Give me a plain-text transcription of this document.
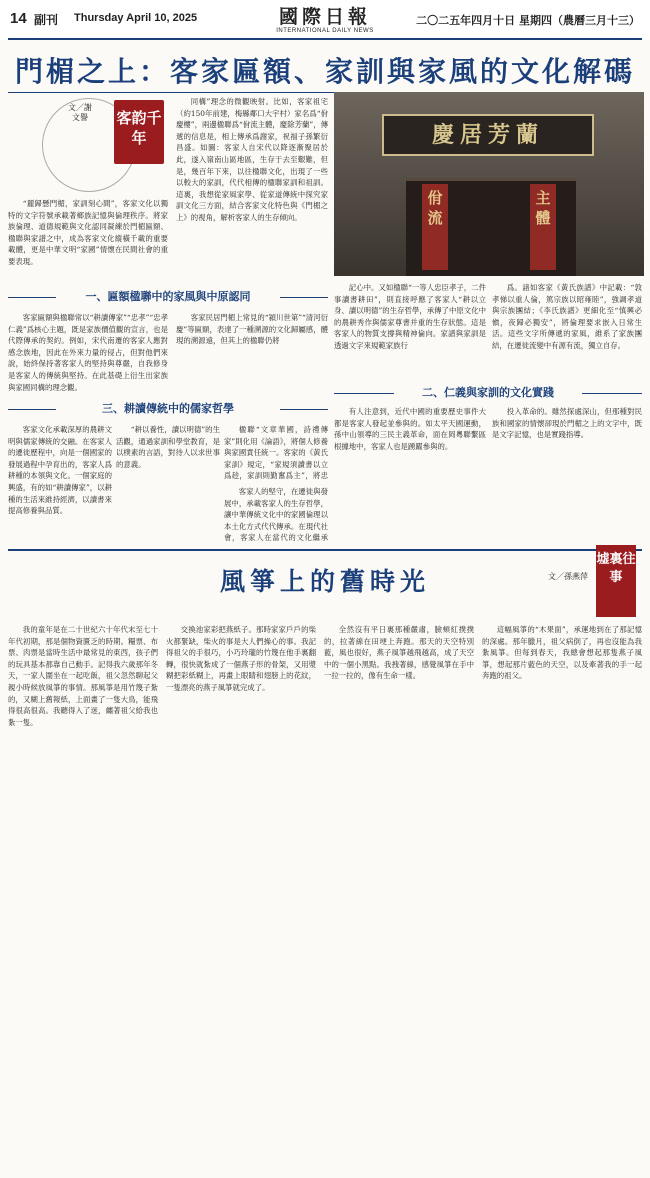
14 副刊 Thursday April 10, 2025	國際日報
INTERNATIONAL DAILY NEWS
二〇二五年四月十日 星期四（農曆三月十三）
門楣之上：客家匾額、家訓與家風的文化解碼
文／謝文譽 客韵千年

“麗歸懸門楣，家訓刻心間”，客家文化以獨特的文字符號承載著鄉族記憶與倫理秩序。將家族倫理、道德規範與文化認同凝練於門楣匾額、楹聯與家譜之中，成為客家文化縱橫千載的重要載體，更是中華文明“家國”情懷在民間社會的重要表現。

同構”理念的微觀映射。比如，客家祖宅（約150年前建，梅縣鄰口大宇村）家名爲“佾慶樓”，兩邊楹聯爲“佾流主體，慶除芳蘭”，傳遞的信息是，相上傳承爲謝家，祝福子孫繁衍昌盛。如圖：客家人自宋代以降逐漸聚居於此，遂入嶺南山區地區，生存于去至艱難，但是，幾百年下來，以往楹聯文化，出現了一些以較大的家訓，代代相傳的楹聯家訓和祖訓。這裏，我想從家風家學、從家道傳統中探究家訓文化三方面，結合客家文化特色與《門楣之上》的視角，解析客家人的生存傾向。

慶居芳蘭
佾流
主體

記心中。又如楹聯“一等人忠臣孝子，二件事讀書耕田”，則直接呼應了客家人“耕以立身、讀以明德”的生存哲學，承傳了中原文化中的農耕秀作與儒家尊書并重的生存狀態。這是客家人的物質支撐與精神倫向。家譜與家訓是透過文字來規範家族行

爲。諸如客家《黃氏族譜》中記載：“敦孝悌以重人倫，篤宗族以昭雍睦”，強調孝道與宗族團結；《李氏族譜》更細化至“慎興必愼，夜歸必獨安”，將倫理要求嵌入日常生活。這些文字所傳遞的家風，維系了家族團結，在遷徙流變中有源有流，獨立自存。

一、匾額楹聯中的家風與中原認同

客家匾額與楹聯常以“耕讀傳家”“忠孝”“忠孝仁義”爲核心主題，既是家族價值觀的宣言，也是代際傳承的契約。例如，宋代南遷的客家人應對感念族地，因此在外來力量的侵占，但對他們來說，始終保持著客家人的堅持與尊嚴，自我修身是客家人的傳統與堅持。在此基礎上衍生出家族與家國同構的理念觀。

客家民居門楣上常見的“潁川世第”“清河衍慶”等匾額，表達了一種溯源的文化歸屬感，體現的溯源遠，但其上的楹聯仍將

二、仁義與家訓的文化實踐

有人注意到，近代中國的重要歷史事件大都是客家人發起並參與的。如太平天國運動，孫中山領導的三民主義革命，面在岡粵聯繫區根據地中，客家人也是踴躍參與的。

投入革命的。雖然探處深山，但那種對民族和國家的情懷卻現於門楣之上的文字中，既是文字記憶，也是實踐指導。

三、耕讀傳統中的儒家哲學

客家文化承載深厚的農耕文明與儒家傳統的交融。在客家人的遷徙歷程中，向是一個國家的發展過程中孕育出的，客家人爲耕種的本領與文化。一個家庭的興盛，有的如“耕讀傳家”，以耕種的生活來維持經濟，以讀書來提高修養與品質。

“耕以養性，讀以明德”的生活觀，通過家訓和學堂教育，是以樸素的言語，對待人以求世事的意義。

楹聯“文章華國，詩禮傳家”則化用《論語》，將個人修養與家國責任統一。客家的《黃氏家訓》規定，“家規須讀書以立爲趁，家訓則勤奮爲主”，將忠

客家人的堅守，在遷徙與發展中，承載客家人的生存哲學，讓中華傳統文化中的家國倫理以本土化方式代代傳承。在現代社會，客家人在當代的文化繼承

風箏上的舊時光	文／孫燕萍
墟裏往事

我的童年是在二十世紀六十年代末至七十年代初期，那是個物資匱乏的時期。糧票、布票、肉票是當時生活中最常見的東西，孩子們的玩具基本都靠自己動手。記得我六歲那年冬天，一家人圍坐在一起吃飯，祖父忽然聊起父親小時候放風箏的事情。那風箏是用竹篾子紮的，又糊上舊報紙，上面畫了一隻大鳥，能飛得很高很高。我聽得入了迷，纏著祖父給我也紮一隻。

交換池家彩把燕紙子。那時家家戶戶的柴火都緊缺，柴火的事是大人們操心的事。我記得祖父的手很巧，小巧玲瓏的竹篾在他手裏翻轉，很快就紮成了一個燕子形的骨架，又用漿糊把彩紙糊上，再畫上眼睛和翅膀上的花紋，一隻漂亮的燕子風箏就完成了。

全然沒有平日裏那種嚴肅，臉頰紅撲撲的，拉著線在田埂上奔跑。那天的天空特別藍，風也很好，燕子風箏越飛越高，成了天空中的一個小黑點。我拽著線，感覺風箏在手中一拉一拉的，像有生命一樣。

這幅風箏的“木果面”，承運地到在了那記憶的深處。那年臘月，祖父病倒了，再也沒能為我紮風箏。但每到春天，我總會想起那隻燕子風箏，想起那片藍色的天空，以及牽著我的手一起奔跑的祖父。
